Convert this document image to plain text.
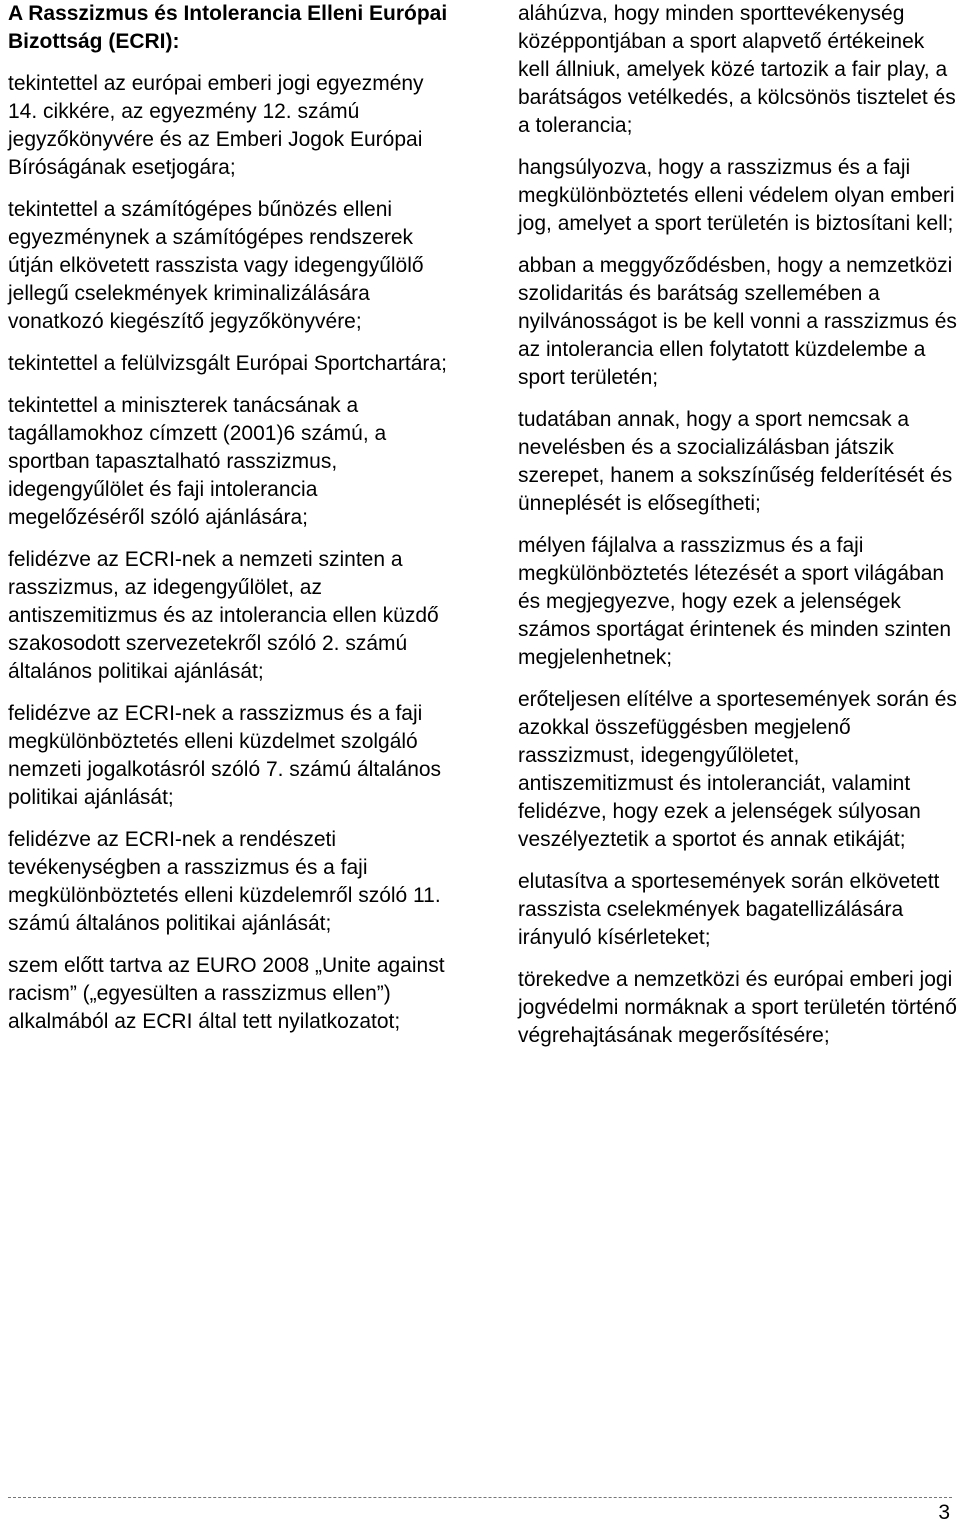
A Rasszizmus és Intolerancia Elleni Európai Bizottság (ECRI):
tekintettel az európai emberi jogi egyezmény 14. cikkére, az egyezmény 12. számú jegyzőkönyvére és az Emberi Jogok Európai Bíróságának esetjogára;
tekintettel a számítógépes bűnözés elleni egyezménynek a számítógépes rendszerek útján elkövetett rasszista vagy idegengyűlölő jellegű cselekmények kriminalizálására vonatkozó kiegészítő jegyzőkönyvére;
tekintettel a felülvizsgált Európai Sportchartára;
tekintettel a miniszterek tanácsának a tagállamokhoz címzett (2001)6 számú, a sportban tapasztalható rasszizmus, idegengyűlölet és faji intolerancia megelőzéséről szóló ajánlására;
felidézve az ECRI-nek a nemzeti szinten a rasszizmus, az idegengyűlölet, az antiszemitizmus és az intolerancia ellen küzdő szakosodott szervezetekről szóló 2. számú általános politikai ajánlását;
felidézve az ECRI-nek a rasszizmus és a faji megkülönböztetés elleni küzdelmet szolgáló nemzeti jogalkotásról szóló 7. számú általános politikai ajánlását;
felidézve az ECRI-nek a rendészeti tevékenységben a rasszizmus és a faji megkülönböztetés elleni küzdelemről szóló 11. számú általános politikai ajánlását;
szem előtt tartva az EURO 2008 „Unite against racism” („egyesülten a rasszizmus ellen”) alkalmából az ECRI által tett nyilatkozatot;
aláhúzva, hogy minden sporttevékenység középpontjában a sport alapvető értékeinek kell állniuk, amelyek közé tartozik a fair play, a barátságos vetélkedés, a kölcsönös tisztelet és a tolerancia;
hangsúlyozva, hogy a rasszizmus és a faji megkülönböztetés elleni védelem olyan emberi jog, amelyet a sport területén is biztosítani kell;
abban a meggyőződésben, hogy a nemzetközi szolidaritás és barátság szellemében a nyilvánosságot is be kell vonni a rasszizmus és az intolerancia ellen folytatott küzdelembe a sport területén;
tudatában annak, hogy a sport nemcsak a nevelésben és a szocializálásban játszik szerepet, hanem a sokszínűség felderítését és ünneplését is elősegítheti;
mélyen fájlalva a rasszizmus és a faji megkülönböztetés létezését a sport világában és megjegyezve, hogy ezek a jelenségek számos sportágat érintenek és minden szinten megjelenhetnek;
erőteljesen elítélve a sportesemények során és azokkal összefüggésben megjelenő rasszizmust, idegengyűlöletet, antiszemitizmust és intoleranciát, valamint felidézve, hogy ezek a jelenségek súlyosan veszélyeztetik a sportot és annak etikáját;
elutasítva a sportesemények során elkövetett rasszista cselekmények bagatellizálására irányuló kísérleteket;
törekedve a nemzetközi és európai emberi jogi jogvédelmi normáknak a sport területén történő végrehajtásának megerősítésére;
3
